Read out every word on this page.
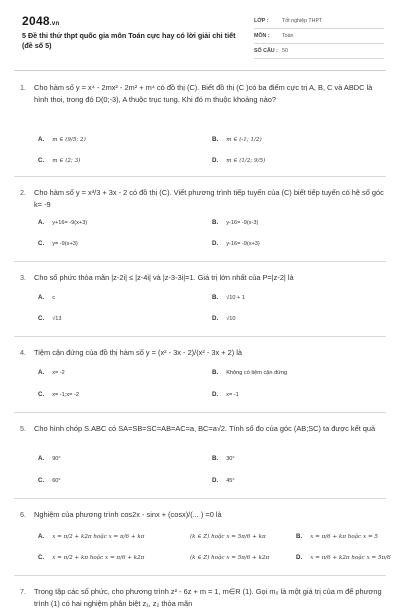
2048.vn
5 Đề thi thử thpt quốc gia môn Toán cực hay có lời giải chi tiết (đề số 5)
LỚP :	Tốt nghiệp THPT
MÔN :	Toán
SỐ CÂU : 50
1. Cho hàm số y = x⁴ - 2mx² - 2m² + m⁴ có đồ thị (C). Biết đồ thị (C )có ba điểm cực trị A, B, C và ABDC là hình thoi, trong đó D(0;-3), A thuộc trục tung. Khi đó m thuộc khoảng nào?
A. m ∈ (9/5; 2)	B. m ∈ (-1; 1/2)
C. m ∈ (2; 3)	D. m ∈ (1/2; 9/5)
2. Cho hàm số y = x³/3 + 3x - 2 có đồ thị (C). Viết phương trình tiếp tuyến của (C) biết tiếp tuyến có hệ số góc k= -9
A. y+16= -9(x+3)	B. y-16= -9(x-3)
C. y= -9(x+3)	D. y-16= -9(x+3)
3. Cho số phức thỏa mãn |z-2i| ≤ |z-4i| và |z-3-3i|=1. Giá trị lớn nhất của P=|z-2| là
A. c	B. √10 + 1
C. √13	D. √10
4. Tiệm cận đứng của đồ thị hàm số y = (x² - 3x - 2)/(x² - 3x + 2) là
A. x= -2	B. Không có tiệm cận đứng
C. x= -1;x= -2	D. x= -1
5. Cho hình chóp S.ABC có SA=SB=SC=AB=AC=a, BC=a√2. Tính số đo của góc (AB;SC) ta được kết quả
A. 90°	B. 30°
C. 60°	D. 45°
6. Nghiệm của phương trình cos2x - sinx + (cosx)/(... ) =0 là
A. x = π/2 + k2π hoặc x = π/6 + kπ	(k ∈ Z) hoặc x = 5π/6 + kπ	B. x = π/6 + kπ hoặc x = 5
C. x = π/2 + kπ hoặc x = π/6 + k2π	(k ∈ Z) hoặc x = 5π/6 + k2π	D. x = π/6 + k2π hoặc x = 5π/6
7. Trong tập các số phức, cho phương trình z² - 6z + m = 1, m∈R (1). Gọi m₀ là một giá trị của m để phương trình (1) có hai nghiệm phân biệt z₁, z₂ thỏa mãn
